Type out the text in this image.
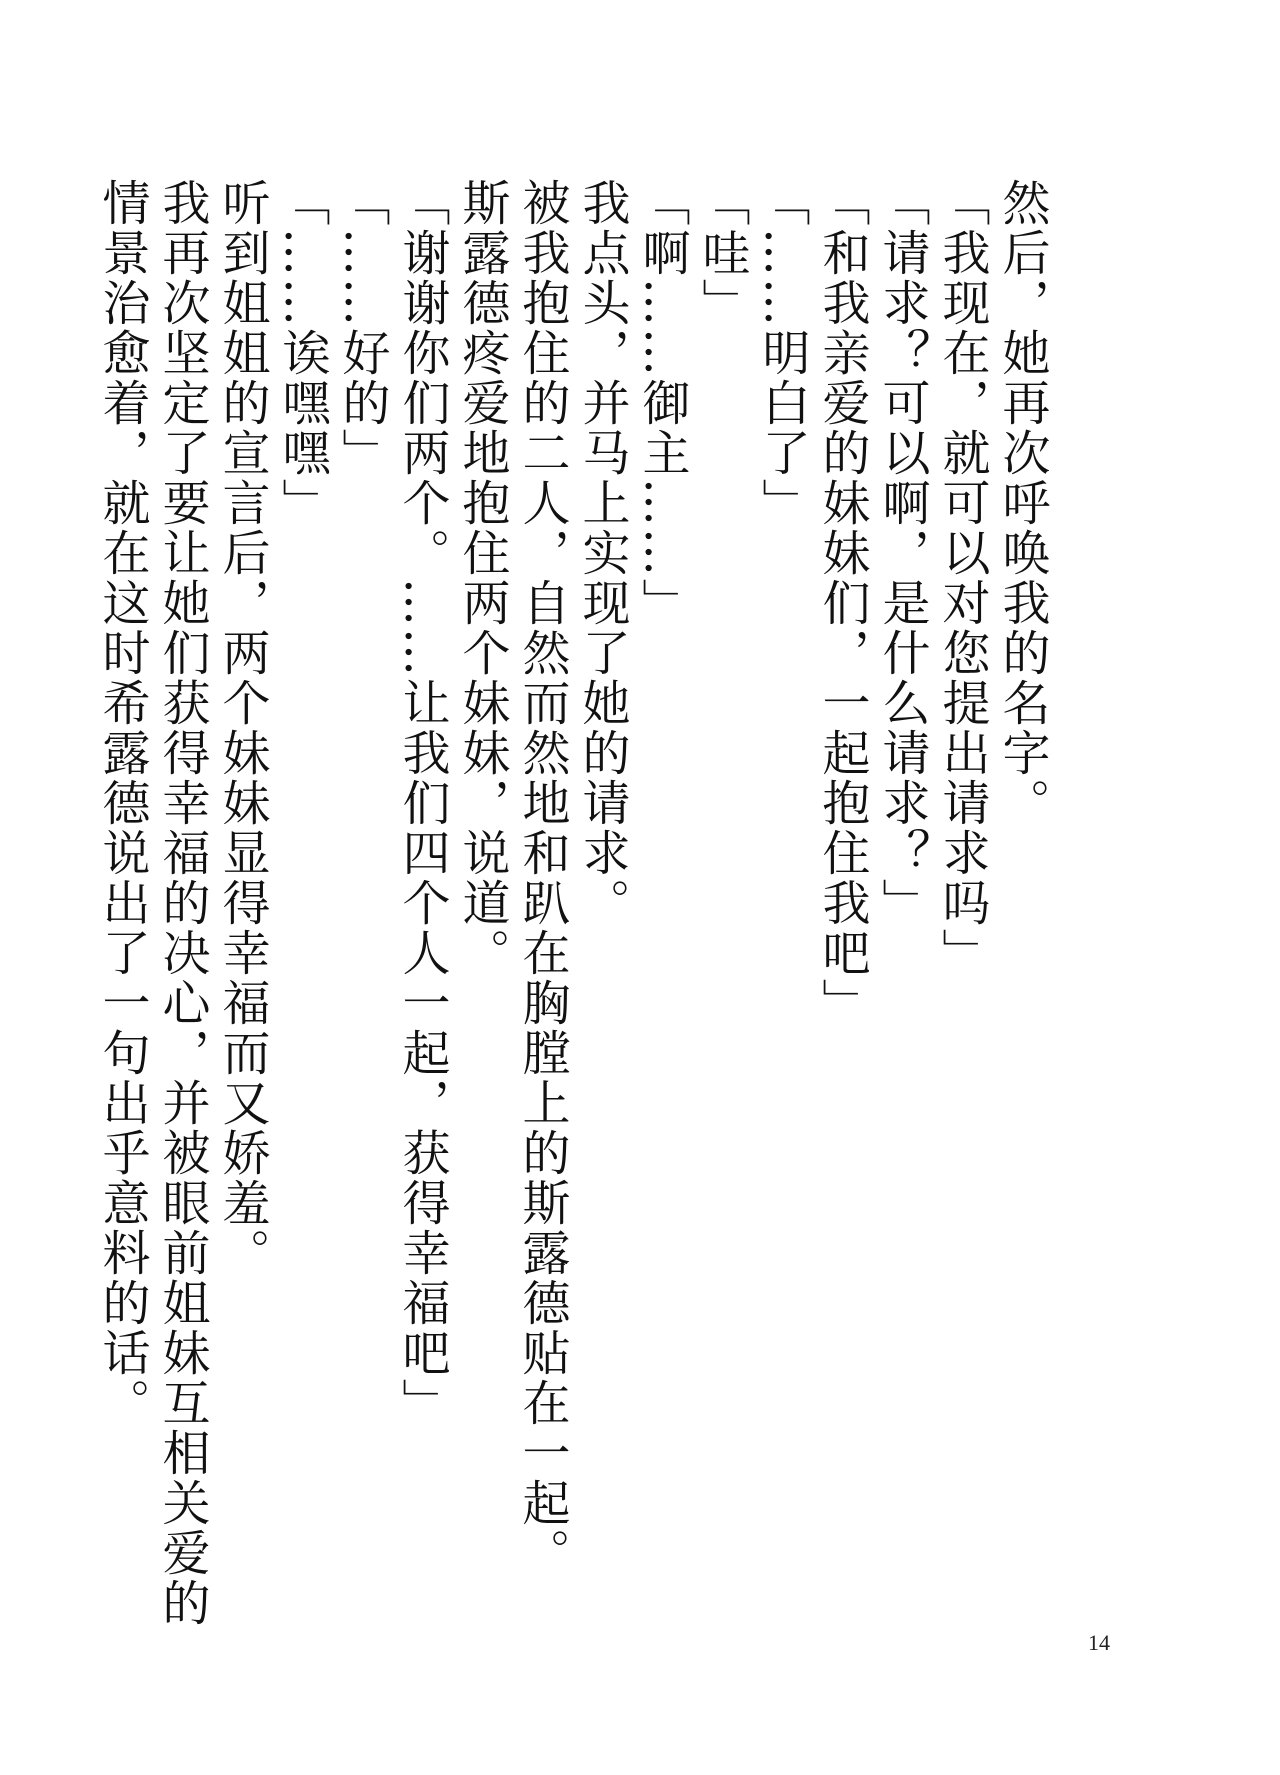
然后，她再次呼唤我的名字。
「我现在，就可以对您提出请求吗」
「请求？可以啊，是什么请求？」
「和我亲爱的妹妹们，一起抱住我吧」
「……明白了」
「哇」
「啊……御主……」
我点头，并马上实现了她的请求。
被我抱住的二人，自然而然地和趴在胸膛上的斯露德贴在一起。
斯露德疼爱地抱住两个妹妹，说道。
「谢谢你们两个。……让我们四个人一起，获得幸福吧」
「……好的」
「……诶嘿嘿」
听到姐姐的宣言后，两个妹妹显得幸福而又娇羞。
我再次坚定了要让她们获得幸福的决心，并被眼前姐妹互相关爱的
情景治愈着，就在这时希露德说出了一句出乎意料的话。
14
